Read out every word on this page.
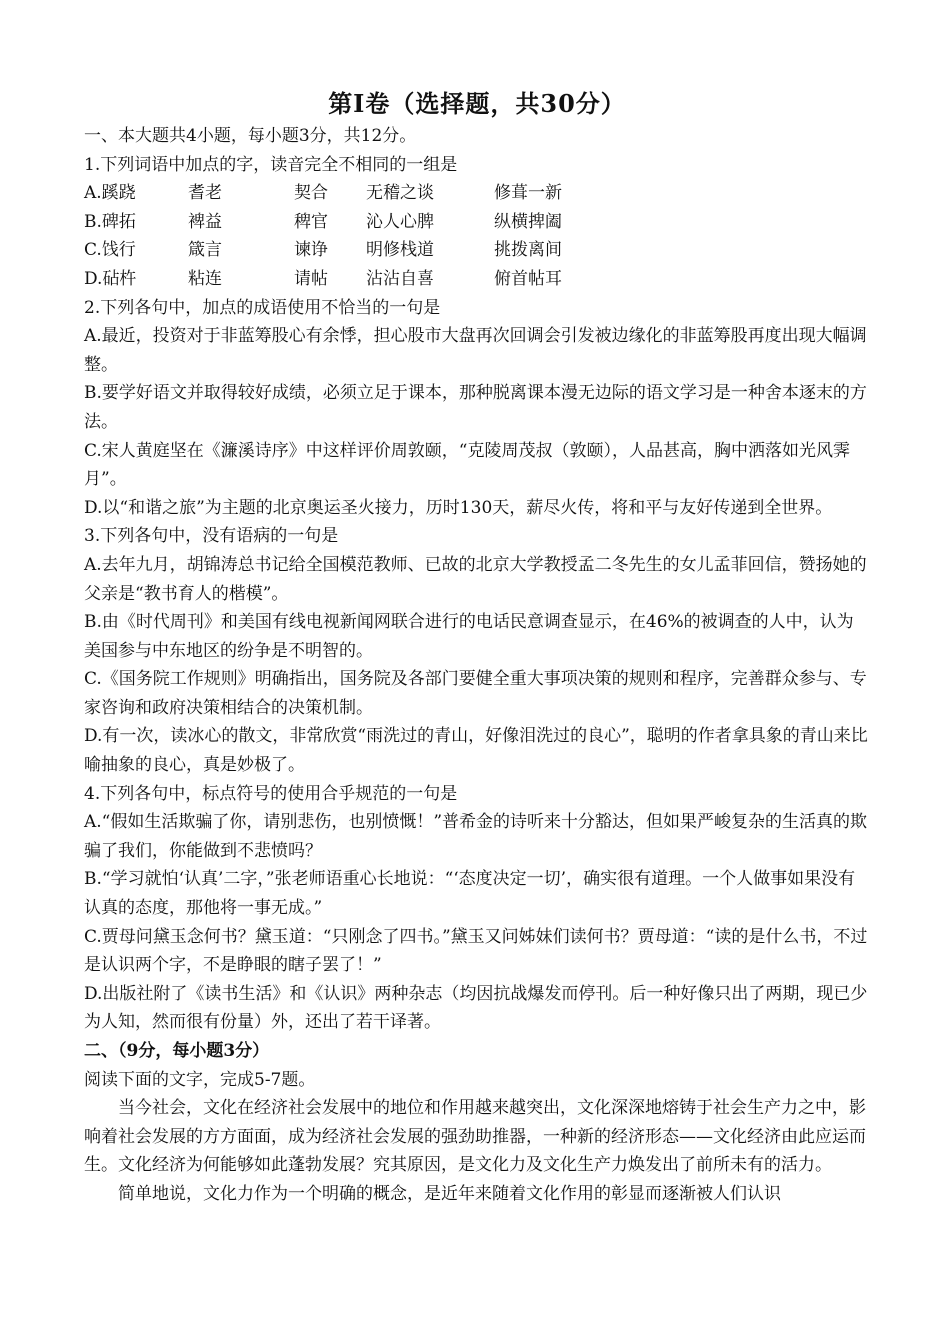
第Ⅰ卷（选择题，共30分）
一、本大题共4小题，每小题3分，共12分。
1.下列词语中加点的字，读音完全不相同的一组是
A.蹊跷	耆老	契合	无稽之谈	修葺一新
B.碑拓	裨益	稗官	沁人心脾	纵横捭阖
C.饯行	箴言	谏诤	明修栈道	挑拨离间
D.砧杵	粘连	请帖	沾沾自喜	俯首帖耳
2.下列各句中，加点的成语使用不恰当的一句是
A.最近，投资对于非蓝筹股心有余悸，担心股市大盘再次回调会引发被边缘化的非蓝筹股再度出现大幅调整。
B.要学好语文并取得较好成绩，必须立足于课本，那种脱离课本漫无边际的语文学习是一种舍本逐末的方法。
C.宋人黄庭坚在《濂溪诗序》中这样评价周敦颐，“克陵周茂叔（敦颐），人品甚高，胸中洒落如光风霁月”。
D.以“和谐之旅”为主题的北京奥运圣火接力，历时130天，薪尽火传，将和平与友好传递到全世界。
3.下列各句中，没有语病的一句是
A.去年九月，胡锦涛总书记给全国模范教师、已故的北京大学教授孟二冬先生的女儿孟菲回信，赞扬她的父亲是“教书育人的楷模”。
B.由《时代周刊》和美国有线电视新闻网联合进行的电话民意调查显示，在46%的被调查的人中，认为美国参与中东地区的纷争是不明智的。
C.《国务院工作规则》明确指出，国务院及各部门要健全重大事项决策的规则和程序，完善群众参与、专家咨询和政府决策相结合的决策机制。
D.有一次，读冰心的散文，非常欣赏“雨洗过的青山，好像泪洗过的良心”，聪明的作者拿具象的青山来比喻抽象的良心，真是妙极了。
4.下列各句中，标点符号的使用合乎规范的一句是
A.“假如生活欺骗了你，请别悲伤，也别愤慨！”普希金的诗听来十分豁达，但如果严峻复杂的生活真的欺骗了我们，你能做到不悲愤吗？
B.“学习就怕‘认真’二字，”张老师语重心长地说：“‘态度决定一切’，确实很有道理。一个人做事如果没有认真的态度，那他将一事无成。”
C.贾母问黛玉念何书？黛玉道：“只刚念了四书。”黛玉又问姊妹们读何书？贾母道：“读的是什么书，不过是认识两个字，不是睁眼的瞎子罢了！”
D.出版社附了《读书生活》和《认识》两种杂志（均因抗战爆发而停刊。后一种好像只出了两期，现已少为人知，然而很有份量）外，还出了若干译著。
二、（9分，每小题3分）
阅读下面的文字，完成5-7题。
当今社会，文化在经济社会发展中的地位和作用越来越突出，文化深深地熔铸于社会生产力之中，影响着社会发展的方方面面，成为经济社会发展的强劲助推器，一种新的经济形态——文化经济由此应运而生。文化经济为何能够如此蓬勃发展？究其原因，是文化力及文化生产力焕发出了前所未有的活力。
简单地说，文化力作为一个明确的概念，是近年来随着文化作用的彰显而逐渐被人们认识
